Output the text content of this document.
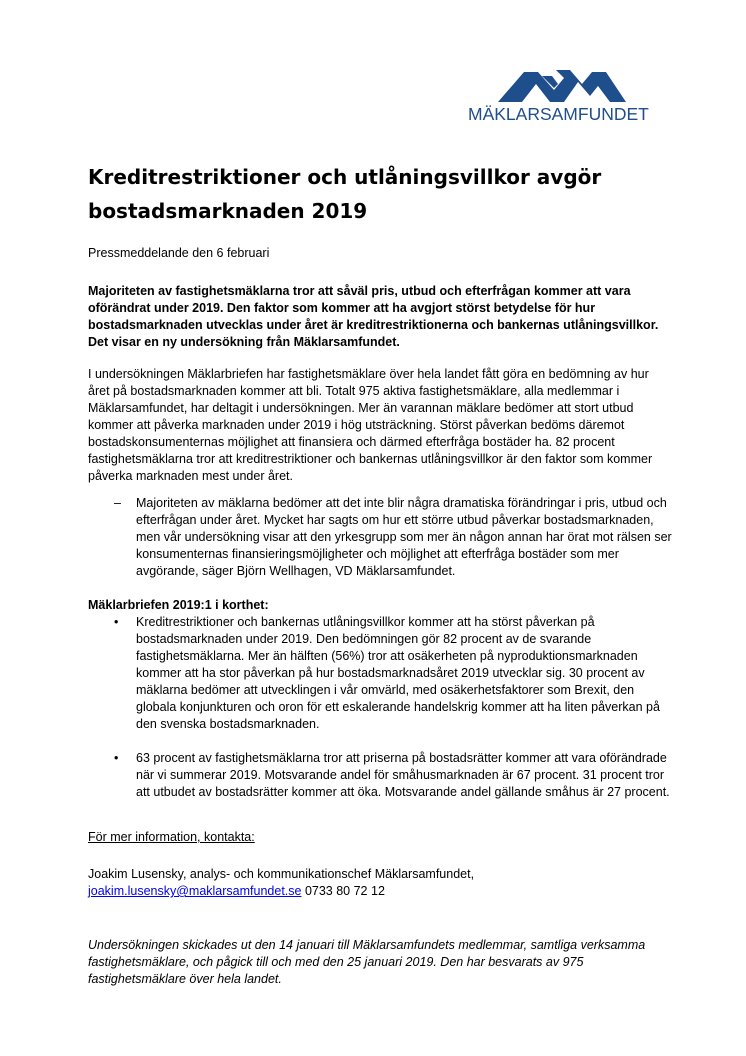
MÄKLARSAMFUNDET
Kreditrestriktioner och utlåningsvillkor avgör bostadsmarknaden 2019

Pressmeddelande den 6 februari

Majoriteten av fastighetsmäklarna tror att såväl pris, utbud och efterfrågan kommer att vara oförändrat under 2019. Den faktor som kommer att ha avgjort störst betydelse för hur bostadsmarknaden utvecklas under året är kreditrestriktionerna och bankernas utlåningsvillkor. Det visar en ny undersökning från Mäklarsamfundet.

I undersökningen Mäklarbriefen har fastighetsmäklare över hela landet fått göra en bedömning av hur året på bostadsmarknaden kommer att bli. Totalt 975 aktiva fastighetsmäklare, alla medlemmar i Mäklarsamfundet, har deltagit i undersökningen. Mer än varannan mäklare bedömer att stort utbud kommer att påverka marknaden under 2019 i hög utsträckning. Störst påverkan bedöms däremot bostadskonsumenternas möjlighet att finansiera och därmed efterfråga bostäder ha. 82 procent fastighetsmäklarna tror att kreditrestriktioner och bankernas utlåningsvillkor är den faktor som kommer påverka marknaden mest under året.

– Majoriteten av mäklarna bedömer att det inte blir några dramatiska förändringar i pris, utbud och efterfrågan under året. Mycket har sagts om hur ett större utbud påverkar bostadsmarknaden, men vår undersökning visar att den yrkesgrupp som mer än någon annan har örat mot rälsen ser konsumenternas finansieringsmöjligheter och möjlighet att efterfråga bostäder som mer avgörande, säger Björn Wellhagen, VD Mäklarsamfundet.

Mäklarbriefen 2019:1 i korthet:

• Kreditrestriktioner och bankernas utlåningsvillkor kommer att ha störst påverkan på bostadsmarknaden under 2019. Den bedömningen gör 82 procent av de svarande fastighetsmäklarna. Mer än hälften (56%) tror att osäkerheten på nyproduktionsmarknaden kommer att ha stor påverkan på hur bostadsmarknadsåret 2019 utvecklar sig. 30 procent av mäklarna bedömer att utvecklingen i vår omvärld, med osäkerhetsfaktorer som Brexit, den globala konjunkturen och oron för ett eskalerande handelskrig kommer att ha liten påverkan på den svenska bostadsmarknaden.
• 63 procent av fastighetsmäklarna tror att priserna på bostadsrätter kommer att vara oförändrade när vi summerar 2019. Motsvarande andel för småhusmarknaden är 67 procent. 31 procent tror att utbudet av bostadsrätter kommer att öka. Motsvarande andel gällande småhus är 27 procent.

För mer information, kontakta:

Joakim Lusensky, analys- och kommunikationschef Mäklarsamfundet,
joakim.lusensky@maklarsamfundet.se 0733 80 72 12

Undersökningen skickades ut den 14 januari till Mäklarsamfundets medlemmar, samtliga verksamma fastighetsmäklare, och pågick till och med den 25 januari 2019. Den har besvarats av 975 fastighetsmäklare över hela landet.
